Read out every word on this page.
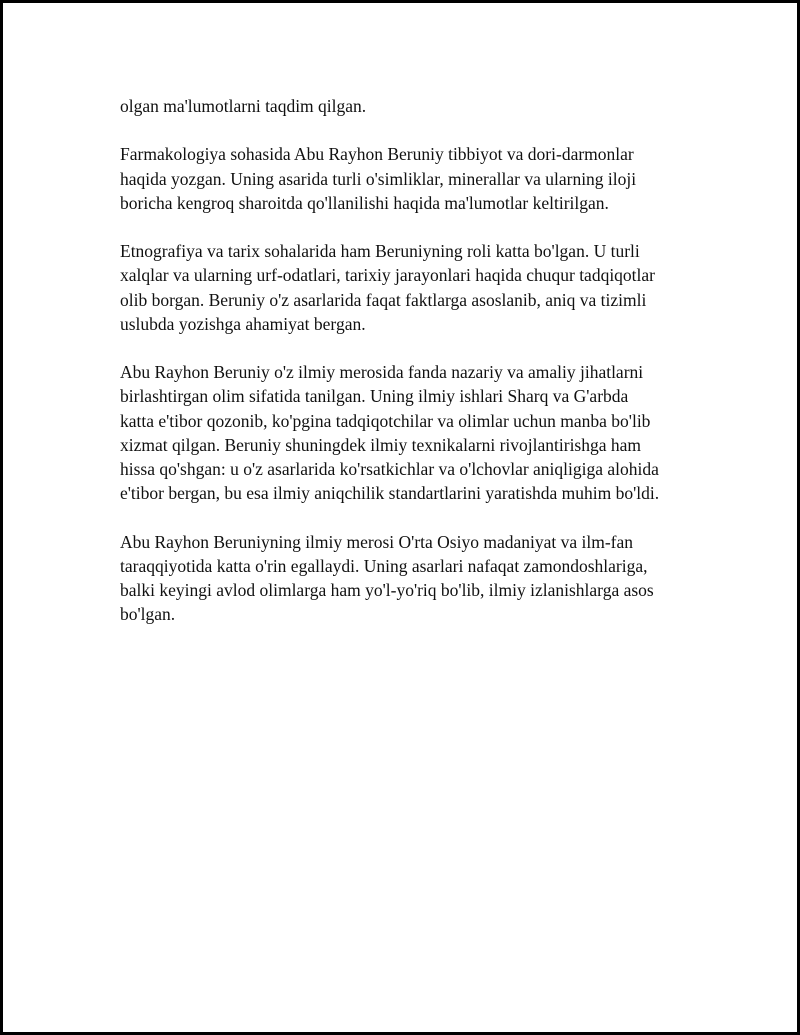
olgan ma'lumotlarni taqdim qilgan.

Farmakologiya sohasida Abu Rayhon Beruniy tibbiyot va dori-darmonlar
haqida yozgan. Uning asarida turli o'simliklar, minerallar va ularning iloji
boricha kengroq sharoitda qo'llanilishi haqida ma'lumotlar keltirilgan.

Etnografiya va tarix sohalarida ham Beruniyning roli katta bo'lgan. U turli
xalqlar va ularning urf-odatlari, tarixiy jarayonlari haqida chuqur tadqiqotlar
olib borgan. Beruniy o'z asarlarida faqat faktlarga asoslanib, aniq va tizimli
uslubda yozishga ahamiyat bergan.

Abu Rayhon Beruniy o'z ilmiy merosida fanda nazariy va amaliy jihatlarni
birlashtirgan olim sifatida tanilgan. Uning ilmiy ishlari Sharq va G'arbda
katta e'tibor qozonib, ko'pgina tadqiqotchilar va olimlar uchun manba bo'lib
xizmat qilgan. Beruniy shuningdek ilmiy texnikalarni rivojlantirishga ham
hissa qo'shgan: u o'z asarlarida ko'rsatkichlar va o'lchovlar aniqligiga alohida
e'tibor bergan, bu esa ilmiy aniqchilik standartlarini yaratishda muhim bo'ldi.

Abu Rayhon Beruniyning ilmiy merosi O'rta Osiyo madaniyat va ilm-fan
taraqqiyotida katta o'rin egallaydi. Uning asarlari nafaqat zamondoshlariga,
balki keyingi avlod olimlarga ham yo'l-yo'riq bo'lib, ilmiy izlanishlarga asos
bo'lgan.
